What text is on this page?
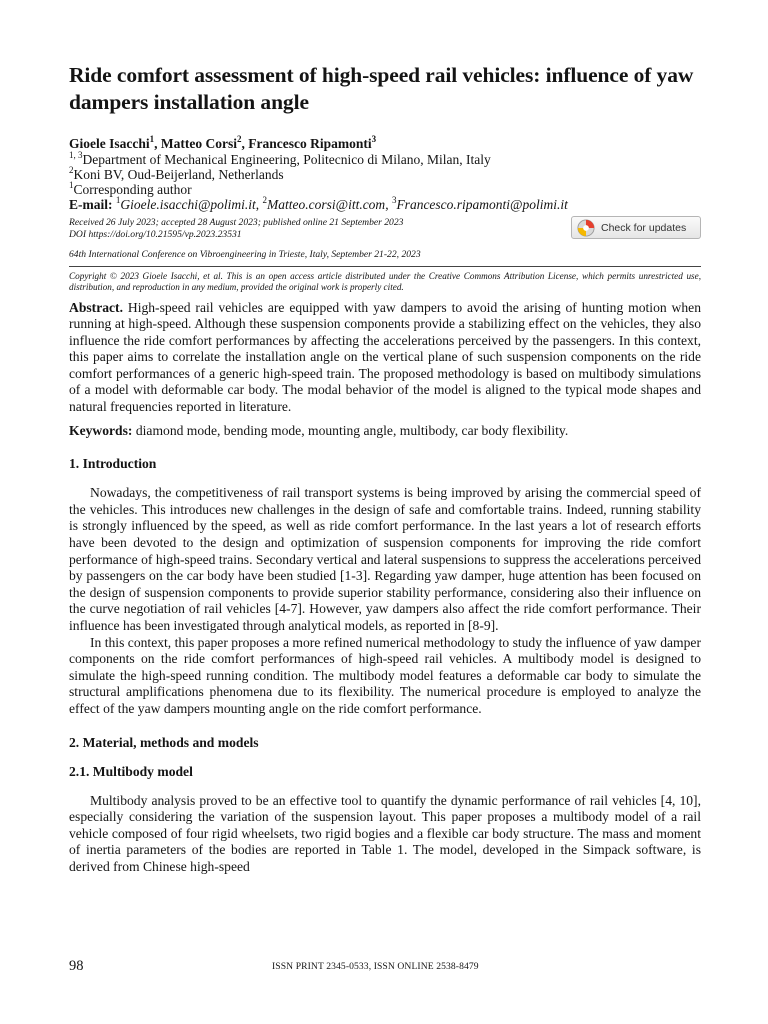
Ride comfort assessment of high-speed rail vehicles: influence of yaw dampers installation angle
Gioele Isacchi$^1$, Matteo Corsi$^2$, Francesco Ripamonti$^3$
$^{1, 3}$Department of Mechanical Engineering, Politecnico di Milano, Milan, Italy
$^2$Koni BV, Oud-Beijerland, Netherlands
$^1$Corresponding author
E-mail: $^1$Gioele.isacchi@polimi.it, $^2$Matteo.corsi@itt.com, $^3$Francesco.ripamonti@polimi.it
Received 26 July 2023; accepted 28 August 2023; published online 21 September 2023
DOI https://doi.org/10.21595/vp.2023.23531
Check for updates
64th International Conference on Vibroengineering in Trieste, Italy, September 21-22, 2023
Copyright © 2023 Gioele Isacchi, et al. This is an open access article distributed under the Creative Commons Attribution License, which permits unrestricted use, distribution, and reproduction in any medium, provided the original work is properly cited.
Abstract. High-speed rail vehicles are equipped with yaw dampers to avoid the arising of hunting motion when running at high-speed. Although these suspension components provide a stabilizing effect on the vehicles, they also influence the ride comfort performances by affecting the accelerations perceived by the passengers. In this context, this paper aims to correlate the installation angle on the vertical plane of such suspension components on the ride comfort performances of a generic high-speed train. The proposed methodology is based on multibody simulations of a model with deformable car body. The modal behavior of the model is aligned to the typical mode shapes and natural frequencies reported in literature.
Keywords: diamond mode, bending mode, mounting angle, multibody, car body flexibility.
1. Introduction
Nowadays, the competitiveness of rail transport systems is being improved by arising the commercial speed of the vehicles. This introduces new challenges in the design of safe and comfortable trains. Indeed, running stability is strongly influenced by the speed, as well as ride comfort performance. In the last years a lot of research efforts have been devoted to the design and optimization of suspension components for improving the ride comfort performance of high-speed trains. Secondary vertical and lateral suspensions to suppress the accelerations perceived by passengers on the car body have been studied [1-3]. Regarding yaw damper, huge attention has been focused on the design of suspension components to provide superior stability performance, considering also their influence on the curve negotiation of rail vehicles [4-7]. However, yaw dampers also affect the ride comfort performance. Their influence has been investigated through analytical models, as reported in [8-9].
In this context, this paper proposes a more refined numerical methodology to study the influence of yaw damper components on the ride comfort performances of high-speed rail vehicles. A multibody model is designed to simulate the high-speed running condition. The multibody model features a deformable car body to simulate the structural amplifications phenomena due to its flexibility. The numerical procedure is employed to analyze the effect of the yaw dampers mounting angle on the ride comfort performance.
2. Material, methods and models
2.1. Multibody model
Multibody analysis proved to be an effective tool to quantify the dynamic performance of rail vehicles [4, 10], especially considering the variation of the suspension layout. This paper proposes a multibody model of a rail vehicle composed of four rigid wheelsets, two rigid bogies and a flexible car body structure. The mass and moment of inertia parameters of the bodies are reported in Table 1. The model, developed in the Simpack software, is derived from Chinese high-speed
98	ISSN PRINT 2345-0533, ISSN ONLINE 2538-8479
